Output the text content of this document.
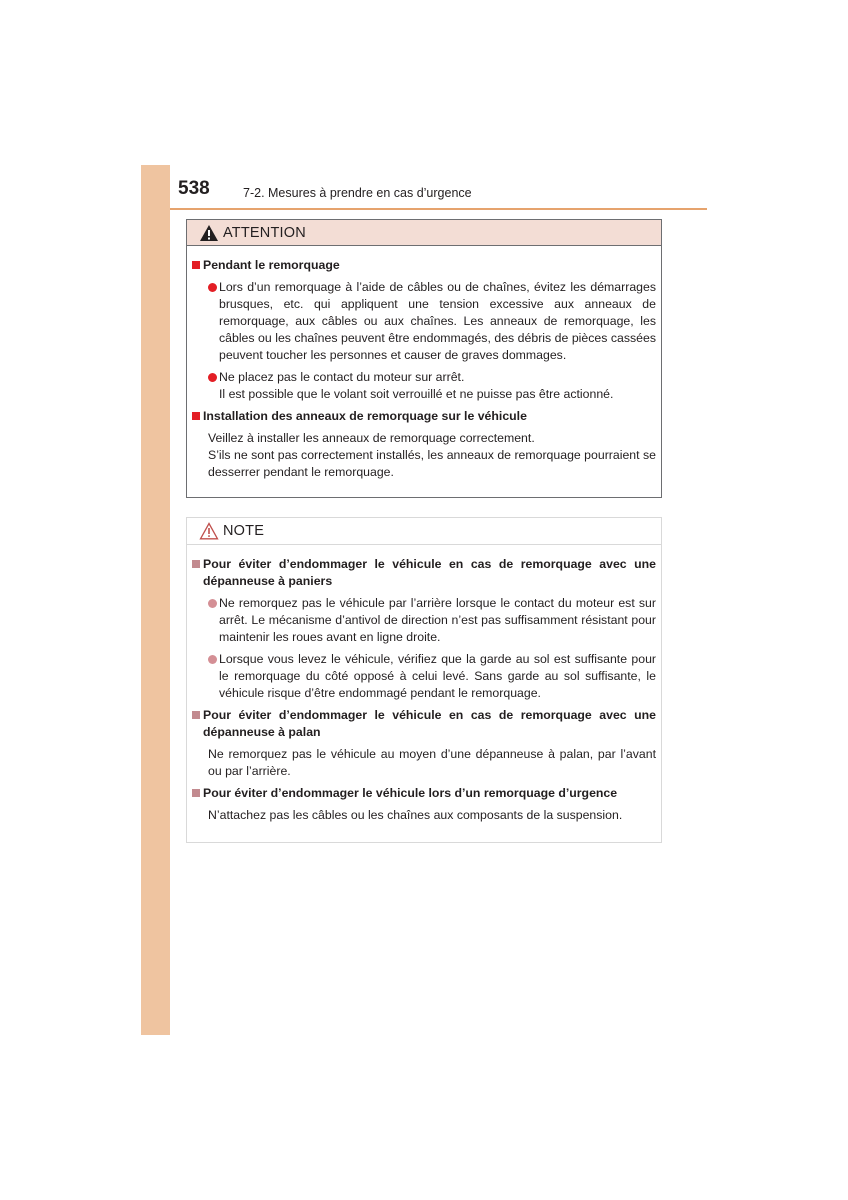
538	7-2. Mesures à prendre en cas d’urgence
ATTENTION
Pendant le remorquage
Lors d’un remorquage à l’aide de câbles ou de chaînes, évitez les démarrages brusques, etc. qui appliquent une tension excessive aux anneaux de remorquage, aux câbles ou aux chaînes. Les anneaux de remorquage, les câbles ou les chaînes peuvent être endommagés, des débris de pièces cassées peuvent toucher les personnes et causer de graves dommages.
Ne placez pas le contact du moteur sur arrêt.
Il est possible que le volant soit verrouillé et ne puisse pas être actionné.
Installation des anneaux de remorquage sur le véhicule
Veillez à installer les anneaux de remorquage correctement.
S’ils ne sont pas correctement installés, les anneaux de remorquage pourraient se desserrer pendant le remorquage.
NOTE
Pour éviter d’endommager le véhicule en cas de remorquage avec une dépanneuse à paniers
Ne remorquez pas le véhicule par l’arrière lorsque le contact du moteur est sur arrêt. Le mécanisme d’antivol de direction n’est pas suffisamment résistant pour maintenir les roues avant en ligne droite.
Lorsque vous levez le véhicule, vérifiez que la garde au sol est suffisante pour le remorquage du côté opposé à celui levé. Sans garde au sol suffisante, le véhicule risque d’être endommagé pendant le remorquage.
Pour éviter d’endommager le véhicule en cas de remorquage avec une dépanneuse à palan
Ne remorquez pas le véhicule au moyen d’une dépanneuse à palan, par l’avant ou par l’arrière.
Pour éviter d’endommager le véhicule lors d’un remorquage d’urgence
N’attachez pas les câbles ou les chaînes aux composants de la suspension.
